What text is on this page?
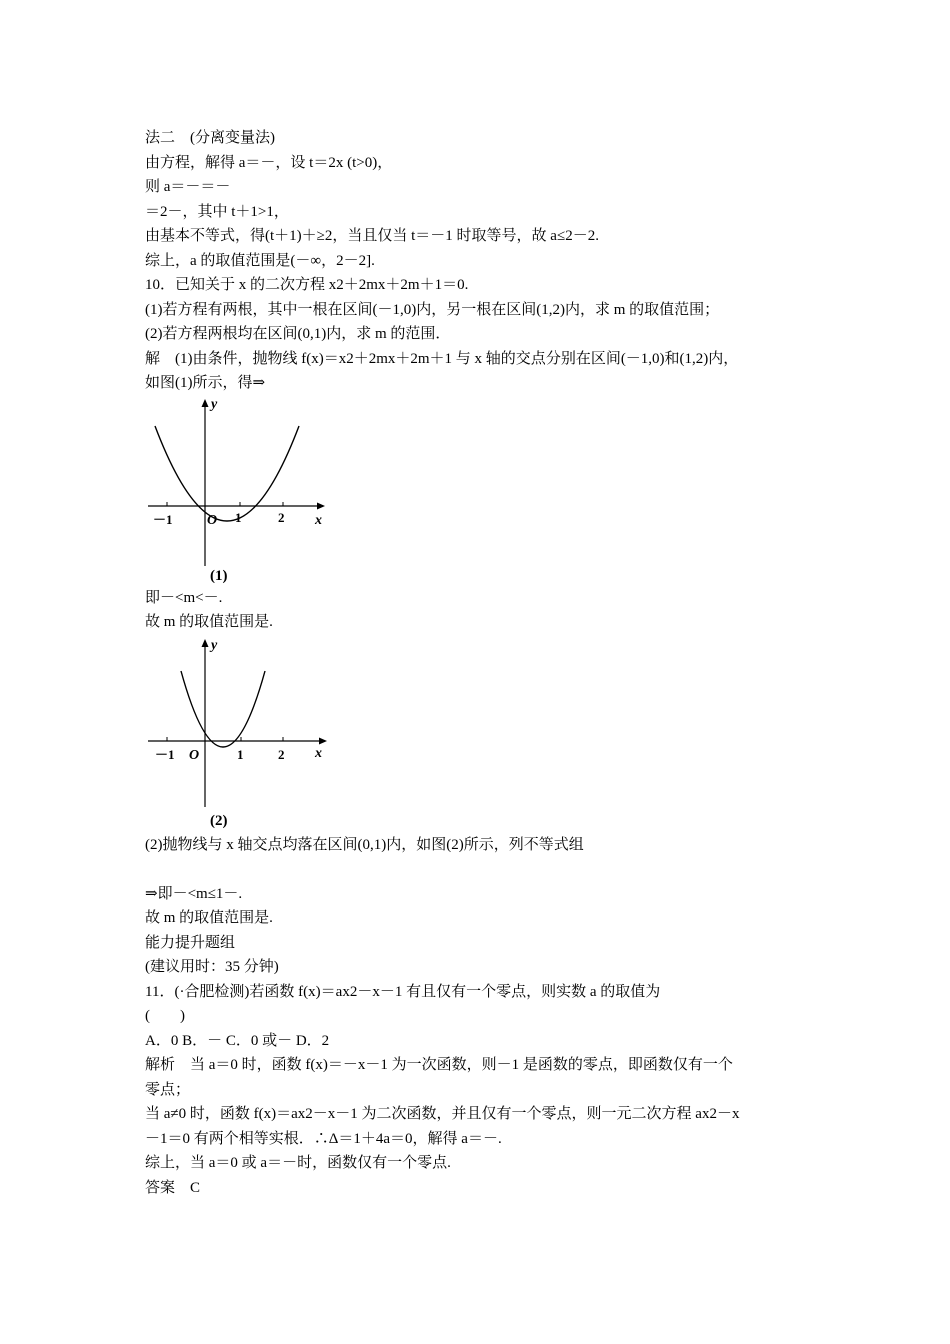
法二　(分离变量法)
由方程，解得 a＝－，设 t＝2x (t>0)，
则 a＝－＝－
＝2－，其中 t＋1>1，
由基本不等式，得(t＋1)＋≥2，当且仅当 t＝－1 时取等号，故 a≤2－2.
综上，a 的取值范围是(－∞，2－2].
10．已知关于 x 的二次方程 x2＋2mx＋2m＋1＝0.
(1)若方程有两根，其中一根在区间(－1,0)内，另一根在区间(1,2)内，求 m 的取值范围；
(2)若方程两根均在区间(0,1)内，求 m 的范围．
解　(1)由条件，抛物线 f(x)＝x2＋2mx＋2m＋1 与 x 轴的交点分别在区间(－1,0)和(1,2)内，
如图(1)所示，得⇒
y
x
O
－1	1	2
(1)
即－<m<－.
故 m 的取值范围是.
y
x
O
－1	1	2
(2)
(2)抛物线与 x 轴交点均落在区间(0,1)内，如图(2)所示，列不等式组
⇒即－<m≤1－.
故 m 的取值范围是.
能力提升题组
(建议用时：35 分钟)
11．(·合肥检测)若函数 f(x)＝ax2－x－1 有且仅有一个零点，则实数 a 的取值为
(　　)
A．0 B．－ C．0 或－ D．2
解析　当 a＝0 时，函数 f(x)＝－x－1 为一次函数，则－1 是函数的零点，即函数仅有一个
零点；
当 a≠0 时，函数 f(x)＝ax2－x－1 为二次函数，并且仅有一个零点，则一元二次方程 ax2－x
－1＝0 有两个相等实根．∴Δ＝1＋4a＝0，解得 a＝－.
综上，当 a＝0 或 a＝－时，函数仅有一个零点.
答案　C
